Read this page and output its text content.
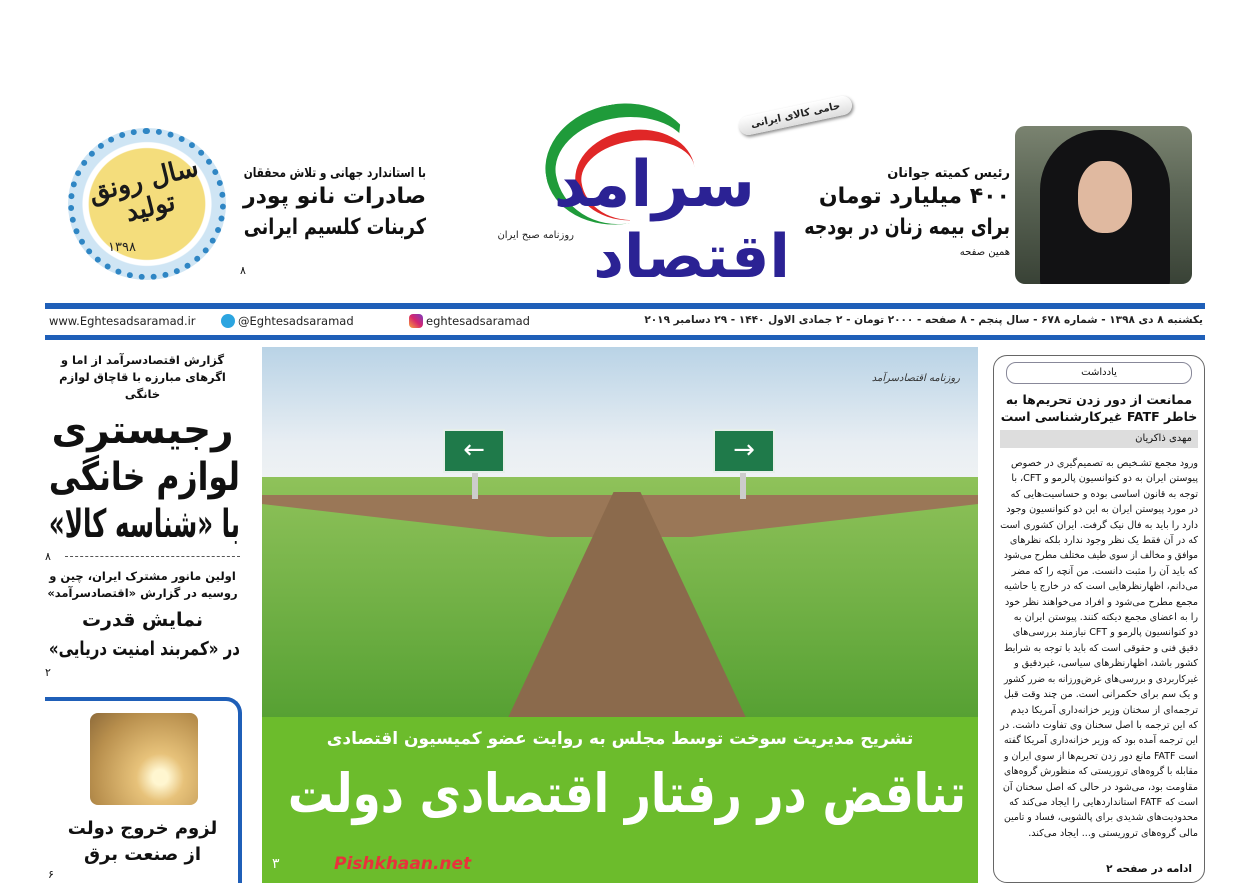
سال رونق تولید
۱۳۹۸
با استاندارد جهانی و تلاش محققان
صادرات نانو پودر
کربنات کلسیم ایرانی
۸
سرامد
اقتصاد
روزنامه صبح ایران
حامی کالای ایرانی
رئیس کمیته جوانان
۴۰۰ میلیارد تومان
برای بیمه زنان در بودجه
همین صفحه
www.Eghtesadsaramad.ir	@Eghtesadsaramad	eghtesadsaramad	یکشنبه ۸ دی ۱۳۹۸ - شماره ۶۷۸ - سال پنجم - ۸ صفحه - ۲۰۰۰ تومان - ۲ جمادی الاول ۱۴۴۰ - ۲۹ دسامبر ۲۰۱۹
گزارش اقتصادسرآمد از اما و اگرهای مبارزه با قاچاق لوازم خانگی
رجیستری
لوازم خانگی
با «شناسه کالا»
۸
اولین مانور مشترک ایران، چین و روسیه در گزارش «اقتصادسرآمد»
نمایش قدرت
در «کمربند امنیت دریایی»
۲
لزوم خروج دولت
از صنعت برق
۶
←	→
روزنامه اقتصادسرآمد
تشریح مدیریت سوخت توسط مجلس به روایت عضو کمیسیون اقتصادی
تناقض در رفتار اقتصادی دولت
۳	Pishkhaan.net
یادداشت
ممانعت از دور زدن تحریم‌ها به خاطر FATF غیرکارشناسی است
مهدی ذاکریان
ورود مجمع تشـخیص به تصمیم‌گیری در خصوص
پیوستن ایران به دو کنوانسیون پالرمو و CFT، با
توجه به قانون اساسی بوده و حساسیت‌هایی که
در مورد پیوستن ایران به این دو کنوانسیون وجود
دارد را باید به فال نیک گرفت. ایران کشوری است
که در آن فقط یک نظر وجود ندارد بلکه نظرهای
موافق و مخالف از سوی طیف مختلف مطرح می‌شود
که باید آن را مثبت دانست. من آنچه را که مضر
می‌دانم، اظهارنظرهایی است که در خارج یا حاشیه
مجمع مطرح می‌شود و افراد می‌خواهند نظر خود
را به اعضای مجمع دیکته کنند. پیوستن ایران به
دو کنوانسیون پالرمو و CFT نیازمند بررسی‌های
دقیق فنی و حقوقی است که باید با توجه به شرایط
کشور باشد، اظهارنظرهای سیاسی، غیردقیق و
غیرکاربردی و بررسی‌های غرض‌ورزانه به ضرر کشور
و یک سم برای حکمرانی است. من چند وقت قبل
ترجمه‌ای از سخنان وزیر خزانه‌داری آمریکا دیدم
که این ترجمه با اصل سخنان وی تفاوت داشت. در
این ترجمه آمده بود که وزیر خزانه‌داری آمریکا گفته
است FATF مانع دور زدن تحریم‌ها از سوی ایران و
مقابله با گروه‌های تروریستی که منظورش گروه‌های
مقاومت بود، می‌شود در حالی که اصل سخنان آن
است که FATF استانداردهایی را ایجاد می‌کند که
محدودیت‌های شدیدی برای پالشویی، فساد و تامین
مالی گروه‌های تروریستی و... ایجاد می‌کند.
ادامه در صفحه ۲
